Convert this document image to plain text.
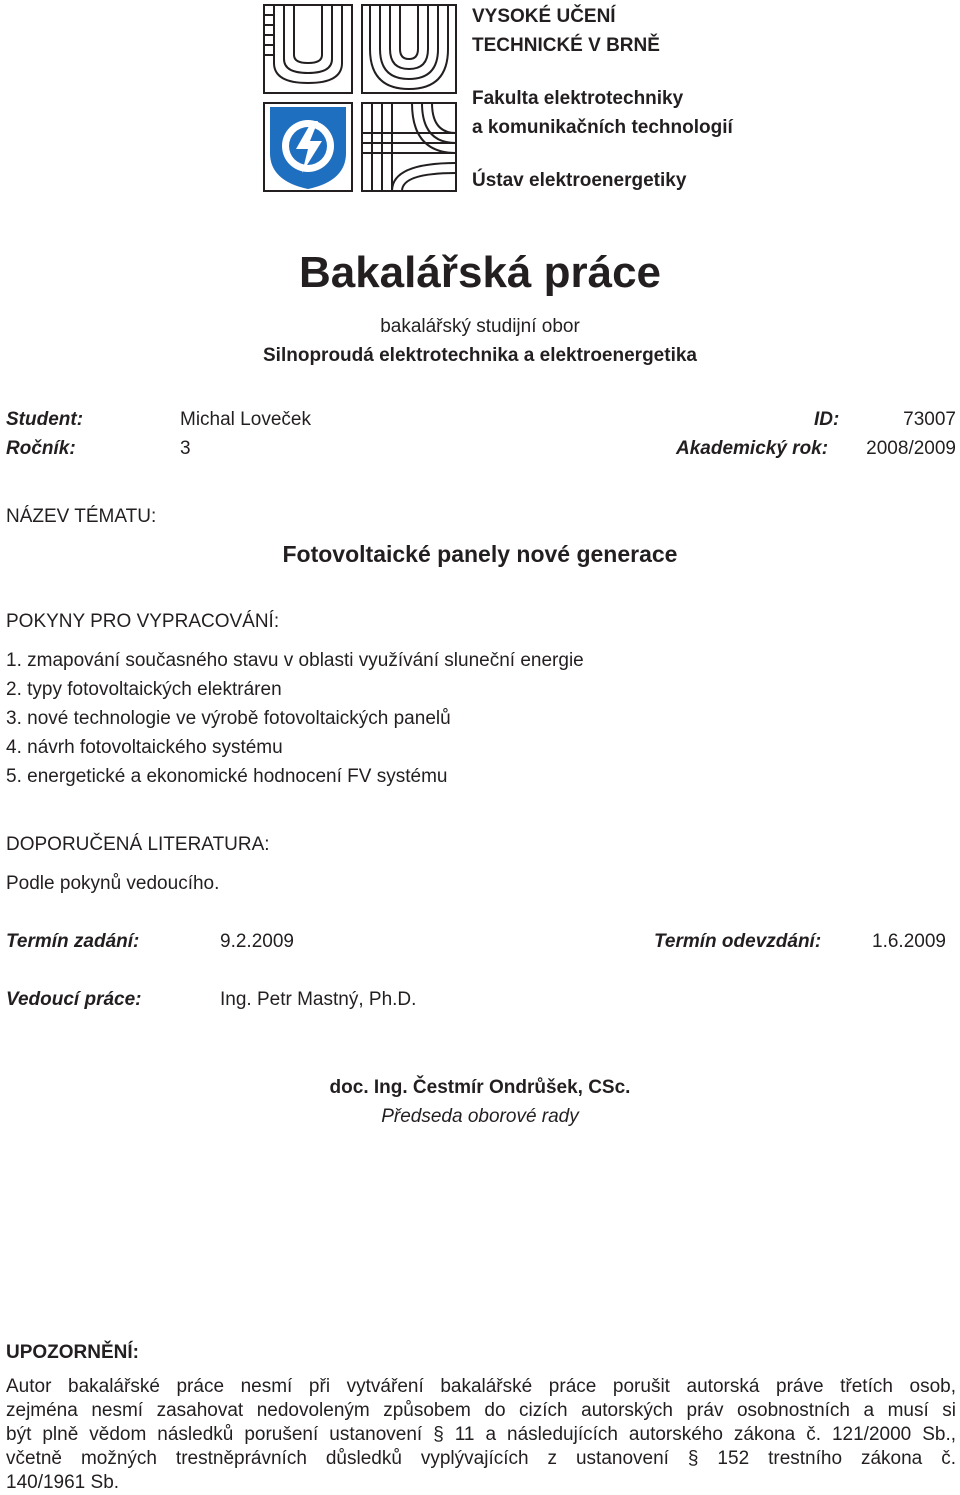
VYSOKÉ UČENÍ
TECHNICKÉ V BRNĚ
Fakulta elektrotechniky
a komunikačních technologií
Ústav elektroenergetiky
Bakalářská práce
bakalářský studijní obor
Silnoproudá elektrotechnika a elektroenergetika
Student:	Michal Loveček	ID:	73007
Ročník:	3	Akademický rok: 2008/2009
NÁZEV TÉMATU:
Fotovoltaické panely nové generace
POKYNY PRO VYPRACOVÁNÍ:
1. zmapování současného stavu v oblasti využívání sluneční energie
2. typy fotovoltaických elektráren
3. nové technologie ve výrobě fotovoltaických panelů
4. návrh fotovoltaického systému
5. energetické a ekonomické hodnocení FV systému
DOPORUČENÁ LITERATURA:
Podle pokynů vedoucího.
Termín zadání:	9.2.2009	Termín odevzdání:	1.6.2009
Vedoucí práce:	Ing. Petr Mastný, Ph.D.
doc. Ing. Čestmír Ondrůšek, CSc.
Předseda oborové rady
UPOZORNĚNÍ:
Autor bakalářské práce nesmí při vytváření bakalářské práce porušit autorská práve třetích osob,
zejména nesmí zasahovat nedovoleným způsobem do cizích autorských práv osobnostních a musí si
být plně vědom následků porušení ustanovení § 11 a následujících autorského zákona č. 121/2000 Sb.,
včetně možných trestněprávních důsledků vyplývajících z ustanovení § 152 trestního zákona č.
140/1961 Sb.
